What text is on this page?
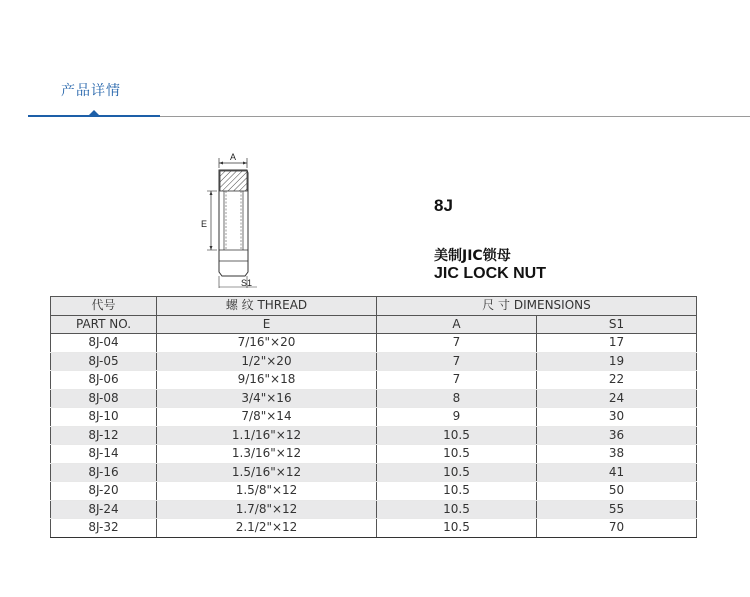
产品详情
A
E
S1
8J
美制JIC锁母
JIC LOCK NUT
代号	螺 纹 THREAD	尺 寸 DIMENSIONS	
PART NO.	E	A	S1
8J-04	7/16"×20	7	17
8J-05	1/2"×20	7	19
8J-06	9/16"×18	7	22
8J-08	3/4"×16	8	24
8J-10	7/8"×14	9	30
8J-12	1.1/16"×12	10.5	36
8J-14	1.3/16"×12	10.5	38
8J-16	1.5/16"×12	10.5	41
8J-20	1.5/8"×12	10.5	50
8J-24	1.7/8"×12	10.5	55
8J-32	2.1/2"×12	10.5	70
